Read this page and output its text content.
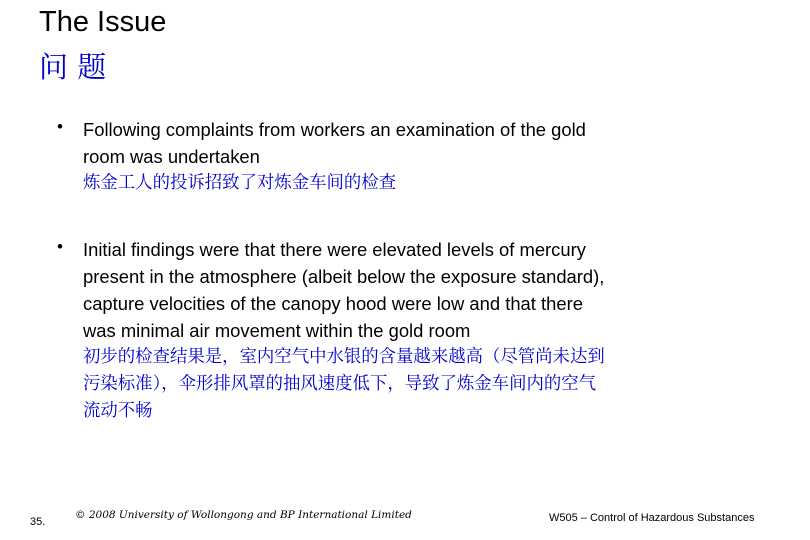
The Issue
问 题
• Following complaints from workers an examination of the gold
room was undertaken
炼金工人的投诉招致了对炼金车间的检查
• Initial findings were that there were elevated levels of mercury
present in the atmosphere (albeit below the exposure standard),
capture velocities of the canopy hood were low and that there
was minimal air movement within the gold room
初步的检查结果是，室内空气中水银的含量越来越高（尽管尚未达到
污染标准），伞形排风罩的抽风速度低下，导致了炼金车间内的空气
流动不畅
35.
© 2008 University of Wollongong and BP International Limited	W505 – Control of Hazardous Substances
